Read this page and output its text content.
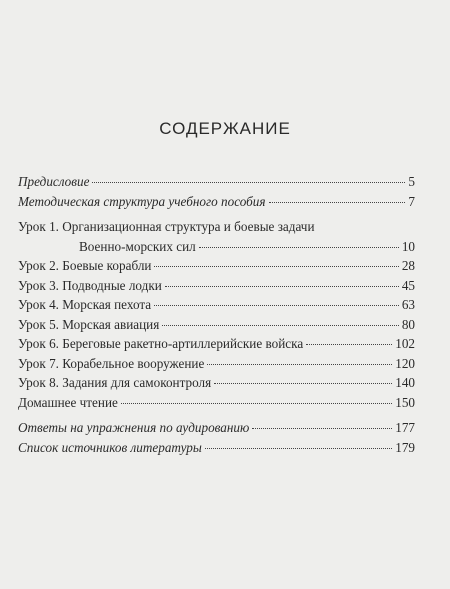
СОДЕРЖАНИЕ
Предисловие	5
Методическая структура учебного пособия	7
Урок 1. Организационная структура и боевые задачи
Военно-морских сил	10
Урок 2. Боевые корабли	28
Урок 3. Подводные лодки	45
Урок 4. Морская пехота	63
Урок 5. Морская авиация	80
Урок 6. Береговые ракетно-артиллерийские войска	102
Урок 7. Корабельное вооружение	120
Урок 8. Задания для самоконтроля	140
Домашнее чтение	150
Ответы на упражнения по аудированию	177
Список источников литературы	179
